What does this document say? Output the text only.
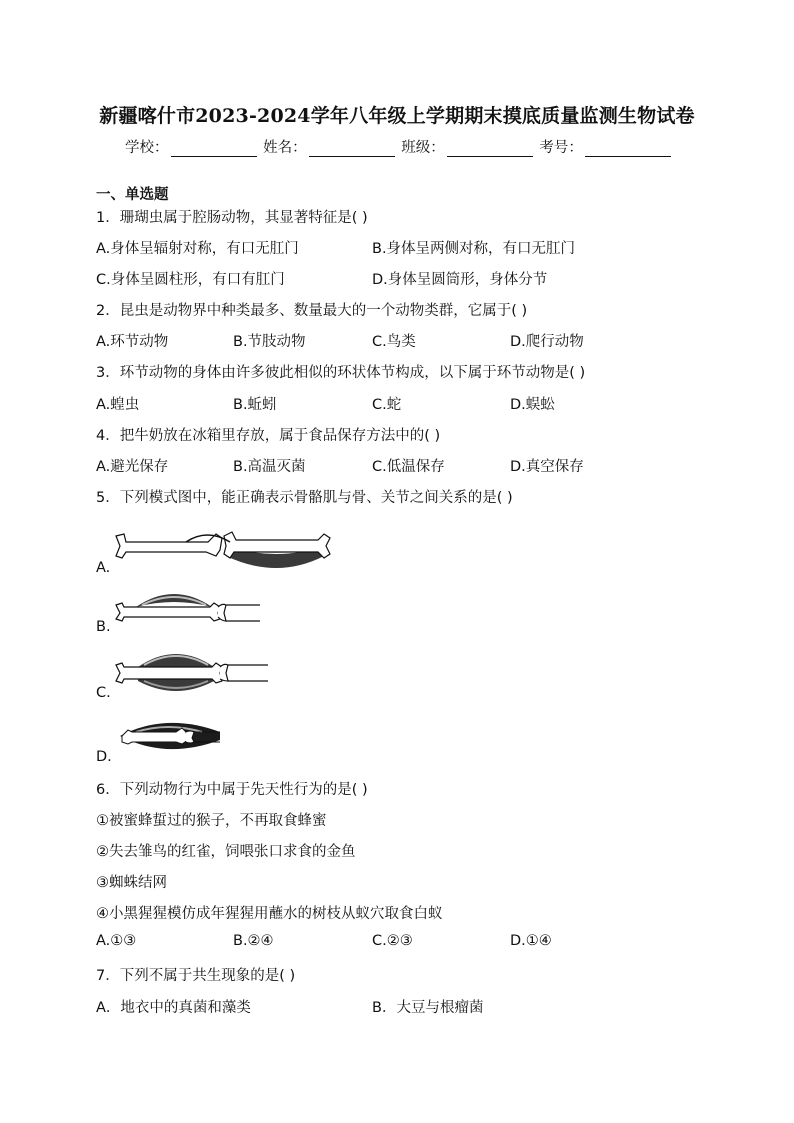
新疆喀什市2023-2024学年八年级上学期期末摸底质量监测生物试卷
学校：	姓名：	班级：	考号：
一、单选题
1．珊瑚虫属于腔肠动物，其显著特征是( )
A.身体呈辐射对称，有口无肛门	B.身体呈两侧对称，有口无肛门
C.身体呈圆柱形，有口有肛门	D.身体呈圆筒形，身体分节
2．昆虫是动物界中种类最多、数量最大的一个动物类群，它属于( )
A.环节动物	B.节肢动物	C.鸟类	D.爬行动物
3．环节动物的身体由许多彼此相似的环状体节构成，以下属于环节动物是( )
A.蝗虫	B.蚯蚓	C.蛇	D.蜈蚣
4．把牛奶放在冰箱里存放，属于食品保存方法中的( )
A.避光保存	B.高温灭菌	C.低温保存	D.真空保存
5．下列模式图中，能正确表示骨骼肌与骨、关节之间关系的是( )
A.
B.
C.
D.
6．下列动物行为中属于先天性行为的是( )
①被蜜蜂蜇过的猴子，不再取食蜂蜜
②失去雏鸟的红雀，饲喂张口求食的金鱼
③蜘蛛结网
④小黑猩猩模仿成年猩猩用蘸水的树枝从蚁穴取食白蚁
A.①③	B.②④	C.②③	D.①④
7．下列不属于共生现象的是( )
A．地衣中的真菌和藻类	B．大豆与根瘤菌
